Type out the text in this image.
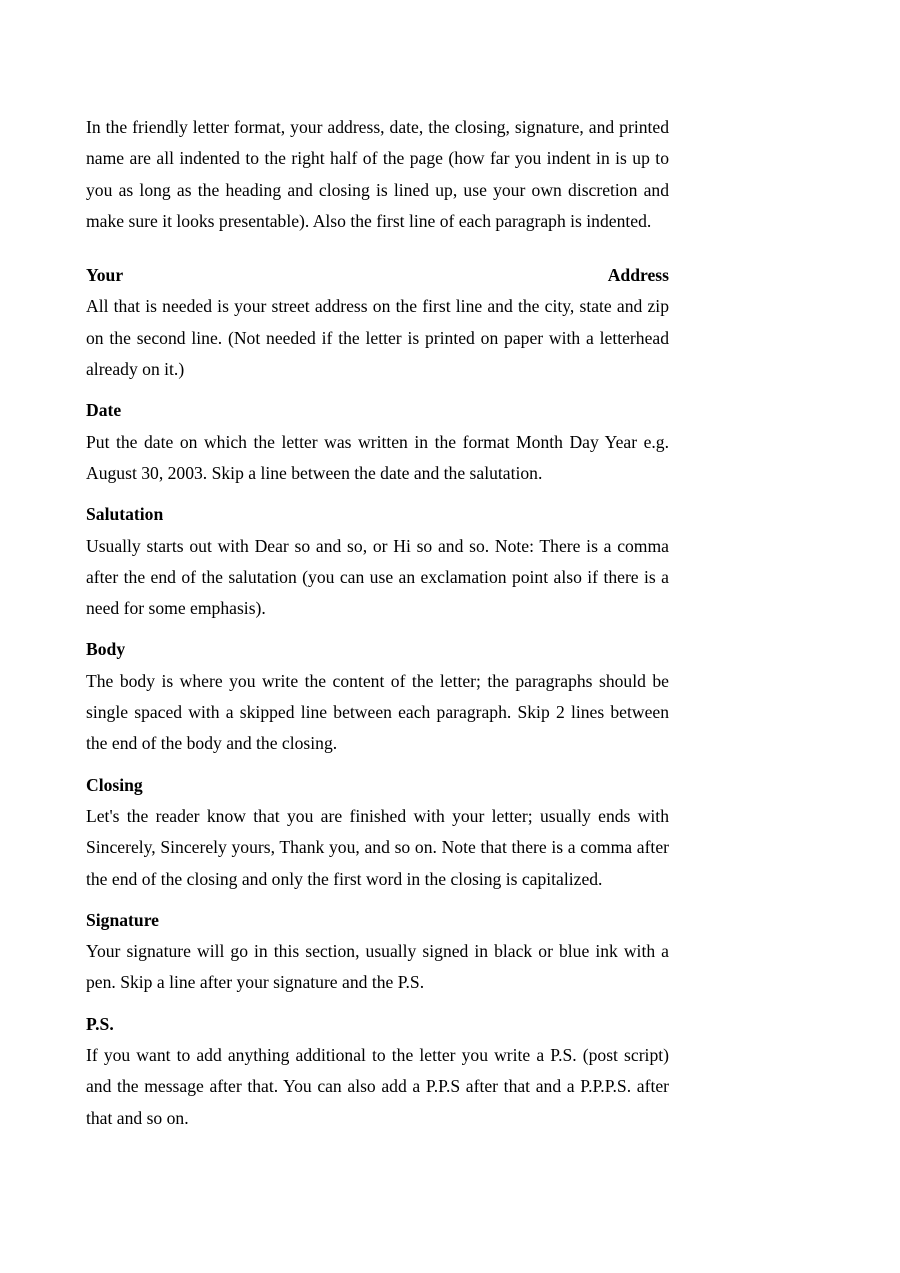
In the friendly letter format, your address, date, the closing, signature, and printed name are all indented to the right half of the page (how far you indent in is up to you as long as the heading and closing is lined up, use your own discretion and make sure it looks presentable). Also the first line of each paragraph is indented.

Your	Address

All that is needed is your street address on the first line and the city, state and zip on the second line. (Not needed if the letter is printed on paper with a letterhead already on it.)

Date

Put the date on which the letter was written in the format Month Day Year e.g. August 30, 2003. Skip a line between the date and the salutation.

Salutation

Usually starts out with Dear so and so, or Hi so and so. Note: There is a comma after the end of the salutation (you can use an exclamation point also if there is a need for some emphasis).

Body

The body is where you write the content of the letter; the paragraphs should be single spaced with a skipped line between each paragraph. Skip 2 lines between the end of the body and the closing.

Closing

Let's the reader know that you are finished with your letter; usually ends with Sincerely, Sincerely yours, Thank you, and so on. Note that there is a comma after the end of the closing and only the first word in the closing is capitalized.

Signature

Your signature will go in this section, usually signed in black or blue ink with a pen. Skip a line after your signature and the P.S.

P.S.

If you want to add anything additional to the letter you write a P.S. (post script) and the message after that. You can also add a P.P.S after that and a P.P.P.S. after that and so on.
